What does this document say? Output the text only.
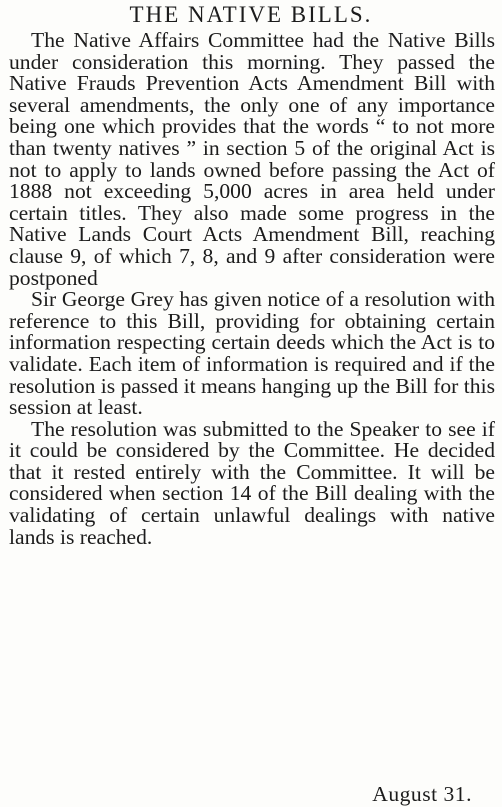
THE NATIVE BILLS.

The Native Affairs Committee had the Native Bills under consideration this morning. They passed the Native Frauds Prevention Acts Amendment Bill with several amendments, the only one of any importance being one which provides that the words “ to not more than twenty natives ” in section 5 of the original Act is not to apply to lands owned before passing the Act of 1888 not exceeding 5,000 acres in area held under certain titles. They also made some progress in the Native Lands Court Acts Amendment Bill, reaching clause 9, of which 7, 8, and 9 after consideration were postponed

Sir George Grey has given notice of a resolution with reference to this Bill, providing for obtaining certain information respecting certain deeds which the Act is to validate. Each item of information is required and if the resolution is passed it means hanging up the Bill for this session at least.

The resolution was submitted to the Speaker to see if it could be considered by the Committee. He decided that it rested entirely with the Committee. It will be considered when section 14 of the Bill dealing with the validating of certain unlawful dealings with native lands is reached.

August 31.
